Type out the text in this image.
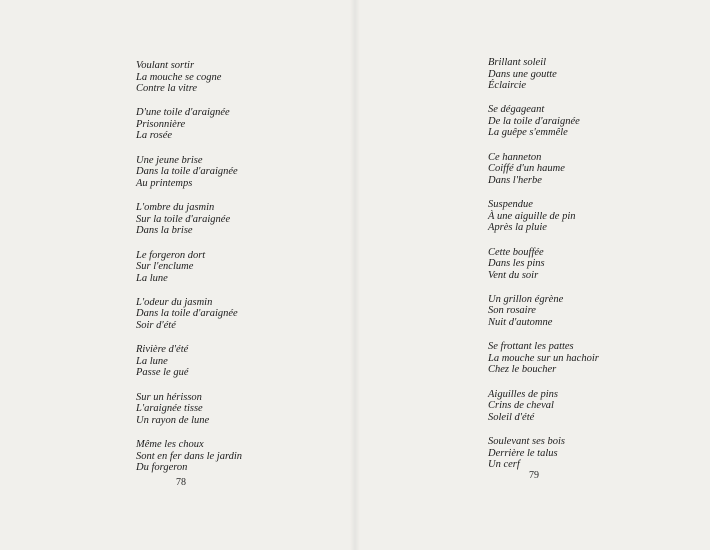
Voulant sortir
La mouche se cogne
Contre la vitre
D'une toile d'araignée
Prisonnière
La rosée
Une jeune brise
Dans la toile d'araignée
Au printemps
L'ombre du jasmin
Sur la toile d'araignée
Dans la brise
Le forgeron dort
Sur l'enclume
La lune
L'odeur du jasmin
Dans la toile d'araignée
Soir d'été
Rivière d'été
La lune
Passe le gué
Sur un hérisson
L'araignée tisse
Un rayon de lune
Même les choux
Sont en fer dans le jardin
Du forgeron
78
Brillant soleil
Dans une goutte
Éclaircie
Se dégageant
De la toile d'araignée
La guêpe s'emmêle
Ce hanneton
Coiffé d'un haume
Dans l'herbe
Suspendue
À une aiguille de pin
Après la pluie
Cette bouffée
Dans les pins
Vent du soir
Un grillon égrène
Son rosaire
Nuit d'automne
Se frottant les pattes
La mouche sur un hachoir
Chez le boucher
Aiguilles de pins
Crins de cheval
Soleil d'été
Soulevant ses bois
Derrière le talus
Un cerf
79
